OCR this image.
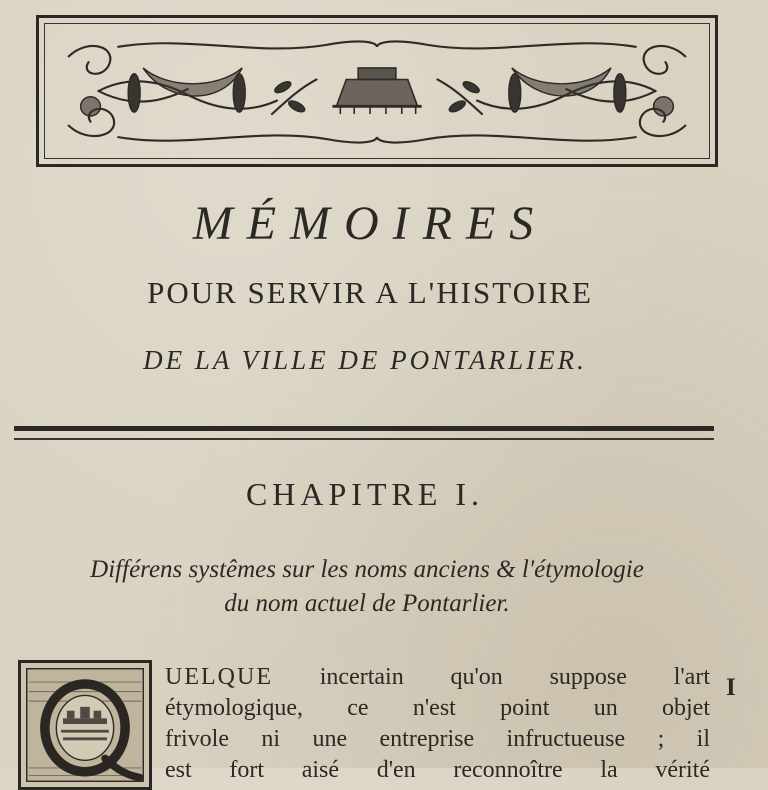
MÉMOIRES
POUR SERVIR A L'HISTOIRE
DE LA VILLE DE PONTARLIER.
CHAPITRE I.

Différens systêmes sur les noms anciens & l'étymologie
du nom actuel de Pontarlier.

UELQUE incertain qu'on suppose l'art
étymologique, ce n'est point un objet
frivole ni une entreprise infructueuse ; il
est fort aisé d'en reconnoître la vérité
I
